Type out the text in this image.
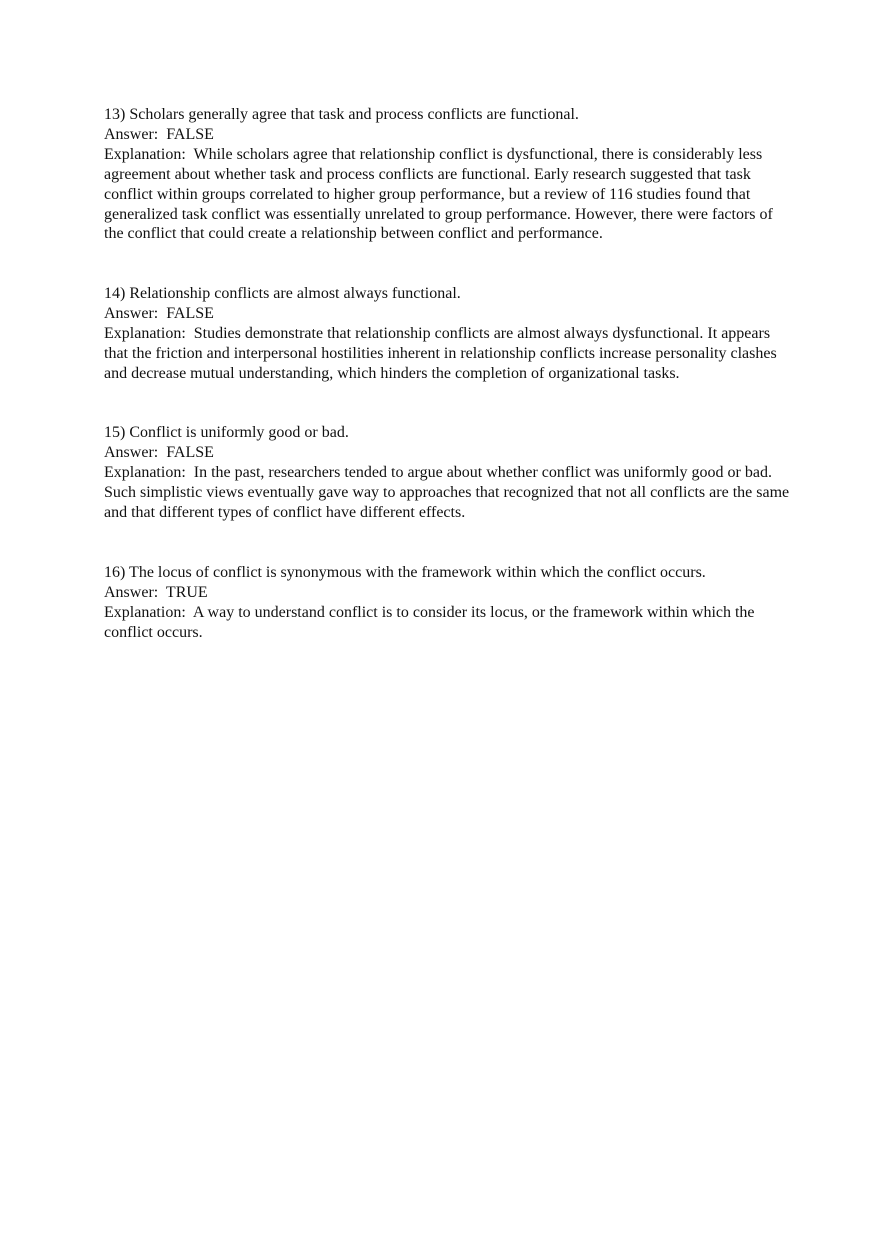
13) Scholars generally agree that task and process conflicts are functional.

Answer:  FALSE

Explanation:  While scholars agree that relationship conflict is dysfunctional, there is considerably less agreement about whether task and process conflicts are functional. Early research suggested that task conflict within groups correlated to higher group performance, but a review of 116 studies found that generalized task conflict was essentially unrelated to group performance. However, there were factors of the conflict that could create a relationship between conflict and performance.

14) Relationship conflicts are almost always functional.

Answer:  FALSE

Explanation:  Studies demonstrate that relationship conflicts are almost always dysfunctional. It appears that the friction and interpersonal hostilities inherent in relationship conflicts increase personality clashes and decrease mutual understanding, which hinders the completion of organizational tasks.

15) Conflict is uniformly good or bad.

Answer:  FALSE

Explanation:  In the past, researchers tended to argue about whether conflict was uniformly good or bad. Such simplistic views eventually gave way to approaches that recognized that not all conflicts are the same and that different types of conflict have different effects.

16) The locus of conflict is synonymous with the framework within which the conflict occurs.

Answer:  TRUE

Explanation:  A way to understand conflict is to consider its locus, or the framework within which the conflict occurs.
